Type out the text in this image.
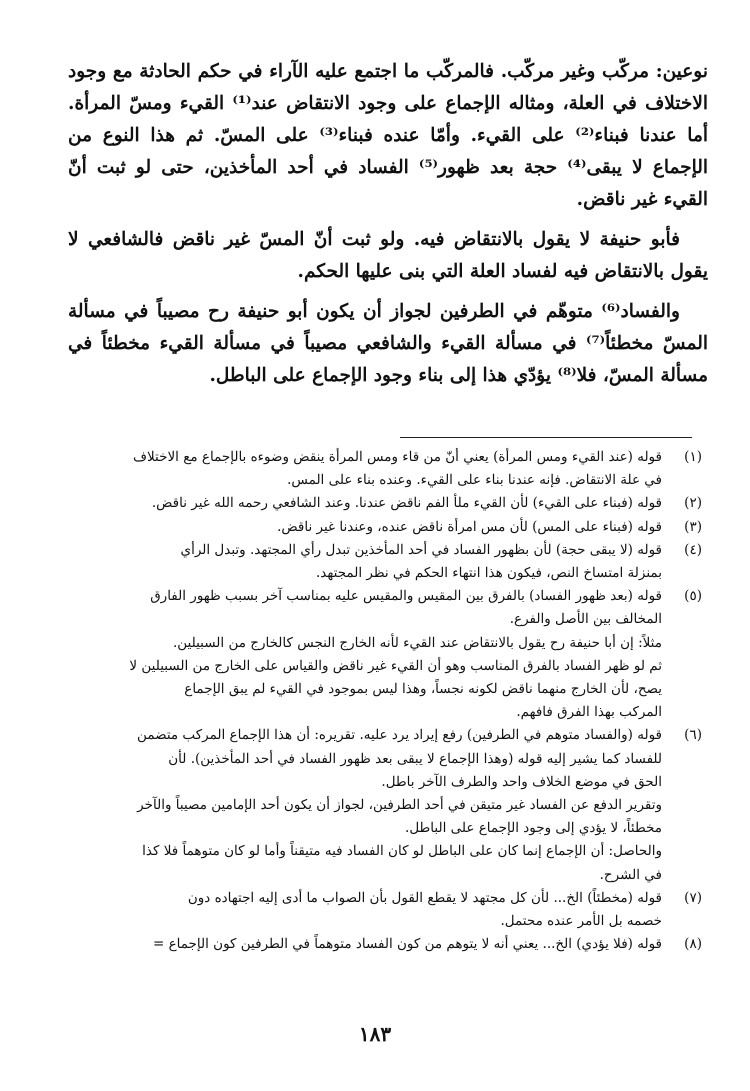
نوعين: مركّب وغير مركّب. فالمركّب ما اجتمع عليه الآراء في حكم الحادثة مع وجود الاختلاف في العلة، ومثاله الإجماع على وجود الانتقاض عند⁽¹⁾ القيء ومسّ المرأة. أما عندنا فبناء⁽²⁾ على القيء. وأمّا عنده فبناء⁽³⁾ على المسّ. ثم هذا النوع من الإجماع لا يبقى⁽⁴⁾ حجة بعد ظهور⁽⁵⁾ الفساد في أحد المأخذين، حتى لو ثبت أنّ القيء غير ناقض.

فأبو حنيفة لا يقول بالانتقاض فيه. ولو ثبت أنّ المسّ غير ناقض فالشافعي لا يقول بالانتقاض فيه لفساد العلة التي بنى عليها الحكم.

والفساد⁽⁶⁾ متوهّم في الطرفين لجواز أن يكون أبو حنيفة رح مصيباً في مسألة المسّ مخطئاً⁽⁷⁾ في مسألة القيء والشافعي مصيباً في مسألة القيء مخطئاً في مسألة المسّ، فلا⁽⁸⁾ يؤدّي هذا إلى بناء وجود الإجماع على الباطل.

(١)
قوله (عند القيء ومس المرأة) يعني أنّ من قاء ومس المرأة ينقض وضوءه بالإجماع مع الاختلاف
في علة الانتقاض. فإنه عندنا بناء على القيء. وعنده بناء على المس.
(٢)
قوله (فبناء على القيء) لأن القيء ملأ الفم ناقض عندنا. وعند الشافعي رحمه الله غير ناقض.
(٣)
قوله (فبناء على المس) لأن مس امرأة ناقض عنده، وعندنا غير ناقض.
(٤)
قوله (لا يبقى حجة) لأن بظهور الفساد في أحد المأخذين تبدل رأي المجتهد. وتبدل الرأي
بمنزلة امتساخ النص، فيكون هذا انتهاء الحكم في نظر المجتهد.
(٥)
قوله (بعد ظهور الفساد) بالفرق بين المقيس والمقيس عليه بمناسب آخر بسبب ظهور الفارق
المخالف بين الأصل والفرع.
مثلاً: إن أبا حنيفة رح يقول بالانتقاض عند القيء لأنه الخارج النجس كالخارج من السبيلين.
ثم لو ظهر الفساد بالفرق المناسب وهو أن القيء غير ناقض والقياس على الخارج من السبيلين لا
يصح، لأن الخارج منهما ناقض لكونه نجساً، وهذا ليس بموجود في القيء لم يبق الإجماع
المركب بهذا الفرق فافهم.
(٦)
قوله (والفساد متوهم في الطرفين) رفع إيراد يرد عليه. تقريره: أن هذا الإجماع المركب متضمن
للفساد كما يشير إليه قوله (وهذا الإجماع لا يبقى بعد ظهور الفساد في أحد المأخذين). لأن
الحق في موضع الخلاف واحد والطرف الآخر باطل.
وتقرير الدفع عن الفساد غير متيقن في أحد الطرفين، لجواز أن يكون أحد الإمامين مصيباً والآخر
مخطئاً، لا يؤدي إلى وجود الإجماع على الباطل.
والحاصل: أن الإجماع إنما كان على الباطل لو كان الفساد فيه متيقناً وأما لو كان متوهماً فلا كذا
في الشرح.
(٧)
قوله (مخطئاً) الخ... لأن كل مجتهد لا يقطع القول بأن الصواب ما أدى إليه اجتهاده دون
خصمه بل الأمر عنده محتمل.
(٨)
قوله (فلا يؤدي) الخ... يعني أنه لا يتوهم من كون الفساد متوهماً في الطرفين كون الإجماع =
١٨٣
